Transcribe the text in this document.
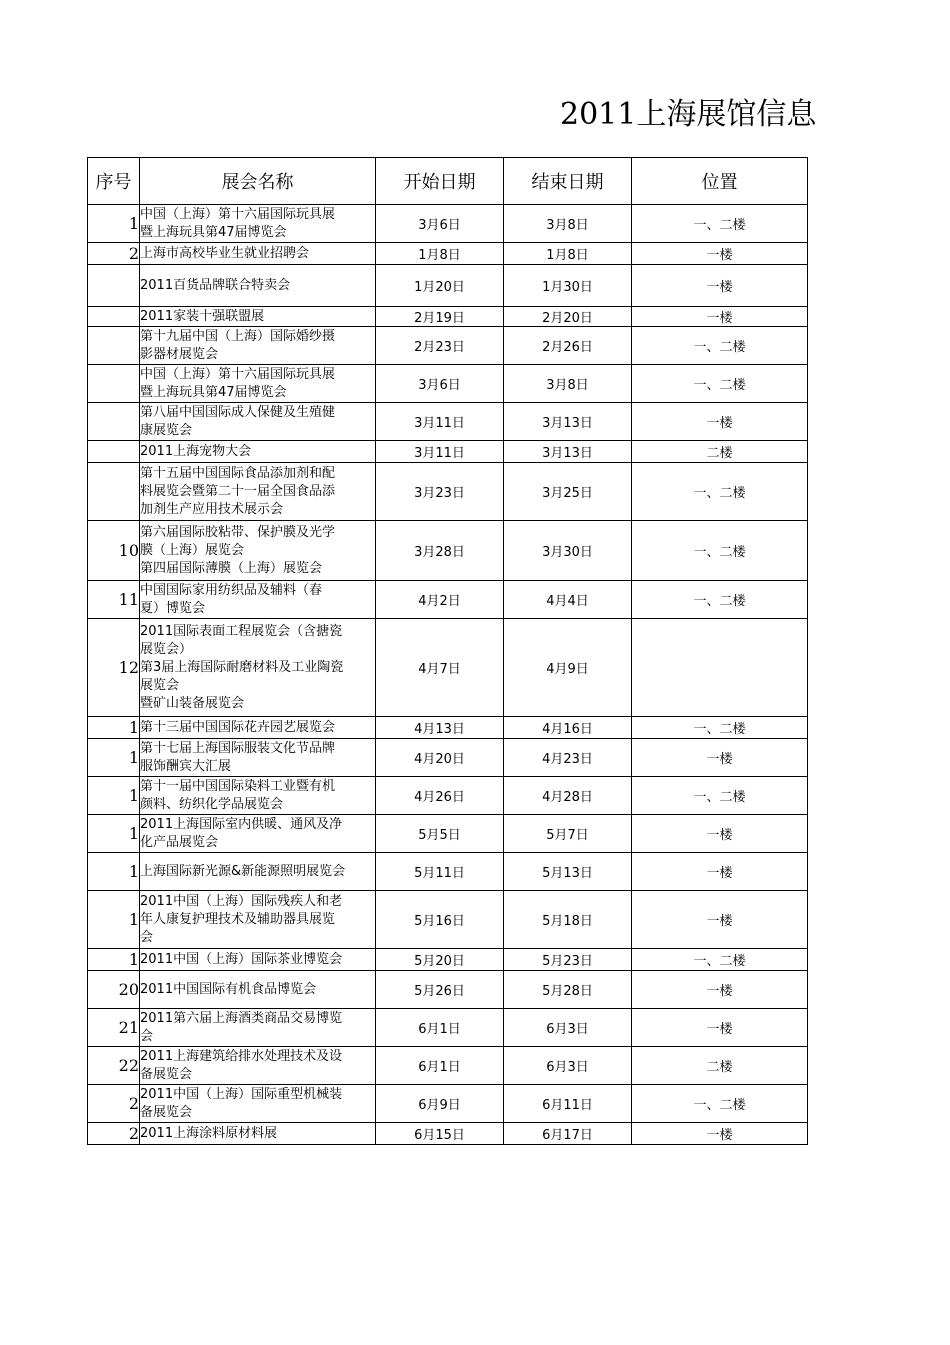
2011上海展馆信息
序号	展会名称	开始日期	结束日期	位置
1	中国（上海）第十六届国际玩具展
暨上海玩具第47届博览会	3月6日	3月8日	一、二楼
2	上海市高校毕业生就业招聘会	1月8日	1月8日	一楼
	2011百货品牌联合特卖会	1月20日	1月30日	一楼
	2011家装十强联盟展	2月19日	2月20日	一楼
	第十九届中国（上海）国际婚纱摄
影器材展览会	2月23日	2月26日	一、二楼
	中国（上海）第十六届国际玩具展
暨上海玩具第47届博览会	3月6日	3月8日	一、二楼
	第八届中国国际成人保健及生殖健
康展览会	3月11日	3月13日	一楼
	2011上海宠物大会	3月11日	3月13日	二楼
	第十五届中国国际食品添加剂和配
料展览会暨第二十一届全国食品添
加剂生产应用技术展示会	3月23日	3月25日	一、二楼
10	第六届国际胶粘带、保护膜及光学
膜（上海）展览会
第四届国际薄膜（上海）展览会	3月28日	3月30日	一、二楼
11	中国国际家用纺织品及辅料（春
夏）博览会	4月2日	4月4日	一、二楼
12	2011国际表面工程展览会（含搪瓷
展览会）
第3届上海国际耐磨材料及工业陶瓷
展览会
暨矿山装备展览会	4月7日	4月9日	
1	第十三届中国国际花卉园艺展览会	4月13日	4月16日	一、二楼
1	第十七届上海国际服装文化节品牌
服饰酬宾大汇展	4月20日	4月23日	一楼
1	第十一届中国国际染料工业暨有机
颜料、纺织化学品展览会	4月26日	4月28日	一、二楼
1	2011上海国际室内供暖、通风及净
化产品展览会	5月5日	5月7日	一楼
1	上海国际新光源&新能源照明展览会	5月11日	5月13日	一楼
1	2011中国（上海）国际残疾人和老
年人康复护理技术及辅助器具展览
会	5月16日	5月18日	一楼
1	2011中国（上海）国际茶业博览会	5月20日	5月23日	一、二楼
20	2011中国国际有机食品博览会	5月26日	5月28日	一楼
21	2011第六届上海酒类商品交易博览
会	6月1日	6月3日	一楼
22	2011上海建筑给排水处理技术及设
备展览会	6月1日	6月3日	二楼
2	2011中国（上海）国际重型机械装
备展览会	6月9日	6月11日	一、二楼
2	2011上海涂料原材料展	6月15日	6月17日	一楼
